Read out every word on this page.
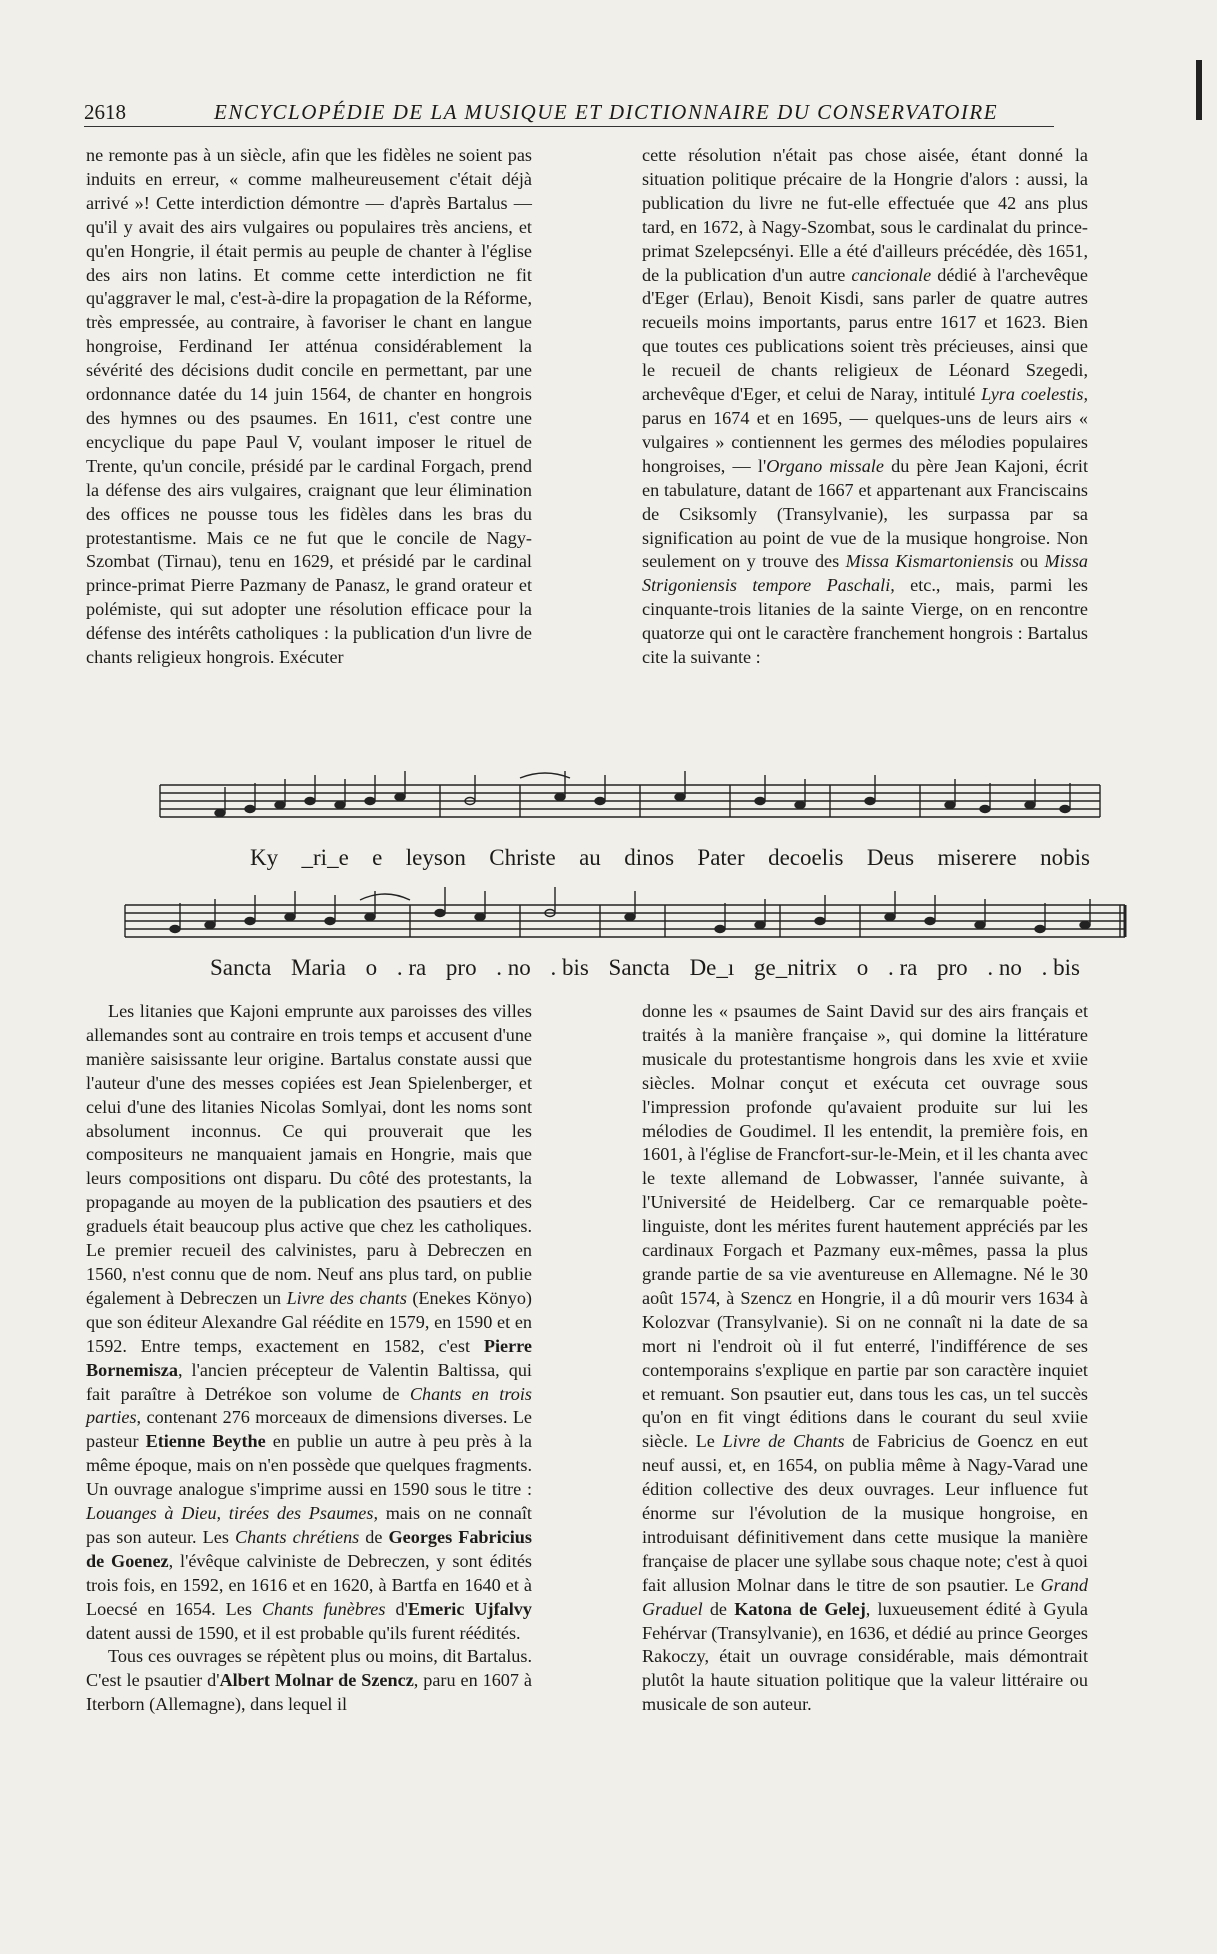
2618	ENCYCLOPÉDIE DE LA MUSIQUE ET DICTIONNAIRE DU CONSERVATOIRE

ne remonte pas à un siècle, afin que les fidèles ne soient pas induits en erreur, « comme malheureusement c'était déjà arrivé »! Cette interdiction démontre — d'après Bartalus — qu'il y avait des airs vulgaires ou populaires très anciens, et qu'en Hongrie, il était permis au peuple de chanter à l'église des airs non latins. Et comme cette interdiction ne fit qu'aggraver le mal, c'est-à-dire la propagation de la Réforme, très empressée, au contraire, à favoriser le chant en langue hongroise, Ferdinand Ier atténua considérablement la sévérité des décisions dudit concile en permettant, par une ordonnance datée du 14 juin 1564, de chanter en hongrois des hymnes ou des psaumes. En 1611, c'est contre une encyclique du pape Paul V, voulant imposer le rituel de Trente, qu'un concile, présidé par le cardinal Forgach, prend la défense des airs vulgaires, craignant que leur élimination des offices ne pousse tous les fidèles dans les bras du protestantisme. Mais ce ne fut que le concile de Nagy-Szombat (Tirnau), tenu en 1629, et présidé par le cardinal prince-primat Pierre Pazmany de Panasz, le grand orateur et polémiste, qui sut adopter une résolution efficace pour la défense des intérêts catholiques : la publication d'un livre de chants religieux hongrois. Exécuter

cette résolution n'était pas chose aisée, étant donné la situation politique précaire de la Hongrie d'alors : aussi, la publication du livre ne fut-elle effectuée que 42 ans plus tard, en 1672, à Nagy-Szombat, sous le cardinalat du prince-primat Szelepcsényi. Elle a été d'ailleurs précédée, dès 1651, de la publication d'un autre cancionale dédié à l'archevêque d'Eger (Erlau), Benoit Kisdi, sans parler de quatre autres recueils moins importants, parus entre 1617 et 1623. Bien que toutes ces publications soient très précieuses, ainsi que le recueil de chants religieux de Léonard Szegedi, archevêque d'Eger, et celui de Naray, intitulé Lyra coelestis, parus en 1674 et en 1695, — quelques-uns de leurs airs « vulgaires » contiennent les germes des mélodies populaires hongroises, — l'Organo missale du père Jean Kajoni, écrit en tabulature, datant de 1667 et appartenant aux Franciscains de Csiksomly (Transylvanie), les surpassa par sa signification au point de vue de la musique hongroise. Non seulement on y trouve des Missa Kismartoniensis ou Missa Strigoniensis tempore Paschali, etc., mais, parmi les cinquante-trois litanies de la sainte Vierge, on en rencontre quatorze qui ont le caractère franchement hongrois : Bartalus cite la suivante :

Ky _ri_e e leyson Christe au dinos Pater decoelis Deus miserere nobis
Sancta Maria o . ra pro . no . bis Sancta De_ı ge_nitrix o . ra pro . no . bis

Les litanies que Kajoni emprunte aux paroisses des villes allemandes sont au contraire en trois temps et accusent d'une manière saisissante leur origine. Bartalus constate aussi que l'auteur d'une des messes copiées est Jean Spielenberger, et celui d'une des litanies Nicolas Somlyai, dont les noms sont absolument inconnus. Ce qui prouverait que les compositeurs ne manquaient jamais en Hongrie, mais que leurs compositions ont disparu. Du côté des protestants, la propagande au moyen de la publication des psautiers et des graduels était beaucoup plus active que chez les catholiques. Le premier recueil des calvinistes, paru à Debreczen en 1560, n'est connu que de nom. Neuf ans plus tard, on publie également à Debreczen un Livre des chants (Enekes Könyo) que son éditeur Alexandre Gal réédite en 1579, en 1590 et en 1592. Entre temps, exactement en 1582, c'est Pierre Bornemisza, l'ancien précepteur de Valentin Baltissa, qui fait paraître à Detrékoe son volume de Chants en trois parties, contenant 276 morceaux de dimensions diverses. Le pasteur Etienne Beythe en publie un autre à peu près à la même époque, mais on n'en possède que quelques fragments. Un ouvrage analogue s'imprime aussi en 1590 sous le titre : Louanges à Dieu, tirées des Psaumes, mais on ne connaît pas son auteur. Les Chants chrétiens de Georges Fabricius de Goenez, l'évêque calviniste de Debreczen, y sont édités trois fois, en 1592, en 1616 et en 1620, à Bartfa en 1640 et à Loecsé en 1654. Les Chants funèbres d'Emeric Ujfalvy datent aussi de 1590, et il est probable qu'ils furent réédités.

Tous ces ouvrages se répètent plus ou moins, dit Bartalus. C'est le psautier d'Albert Molnar de Szencz, paru en 1607 à Iterborn (Allemagne), dans lequel il

donne les « psaumes de Saint David sur des airs français et traités à la manière française », qui domine la littérature musicale du protestantisme hongrois dans les xvie et xviie siècles. Molnar conçut et exécuta cet ouvrage sous l'impression profonde qu'avaient produite sur lui les mélodies de Goudimel. Il les entendit, la première fois, en 1601, à l'église de Francfort-sur-le-Mein, et il les chanta avec le texte allemand de Lobwasser, l'année suivante, à l'Université de Heidelberg. Car ce remarquable poète-linguiste, dont les mérites furent hautement appréciés par les cardinaux Forgach et Pazmany eux-mêmes, passa la plus grande partie de sa vie aventureuse en Allemagne. Né le 30 août 1574, à Szencz en Hongrie, il a dû mourir vers 1634 à Kolozvar (Transylvanie). Si on ne connaît ni la date de sa mort ni l'endroit où il fut enterré, l'indifférence de ses contemporains s'explique en partie par son caractère inquiet et remuant. Son psautier eut, dans tous les cas, un tel succès qu'on en fit vingt éditions dans le courant du seul xviie siècle. Le Livre de Chants de Fabricius de Goencz en eut neuf aussi, et, en 1654, on publia même à Nagy-Varad une édition collective des deux ouvrages. Leur influence fut énorme sur l'évolution de la musique hongroise, en introduisant définitivement dans cette musique la manière française de placer une syllabe sous chaque note; c'est à quoi fait allusion Molnar dans le titre de son psautier. Le Grand Graduel de Katona de Gelej, luxueusement édité à Gyula Fehérvar (Transylvanie), en 1636, et dédié au prince Georges Rakoczy, était un ouvrage considérable, mais démontrait plutôt la haute situation politique que la valeur littéraire ou musicale de son auteur.
